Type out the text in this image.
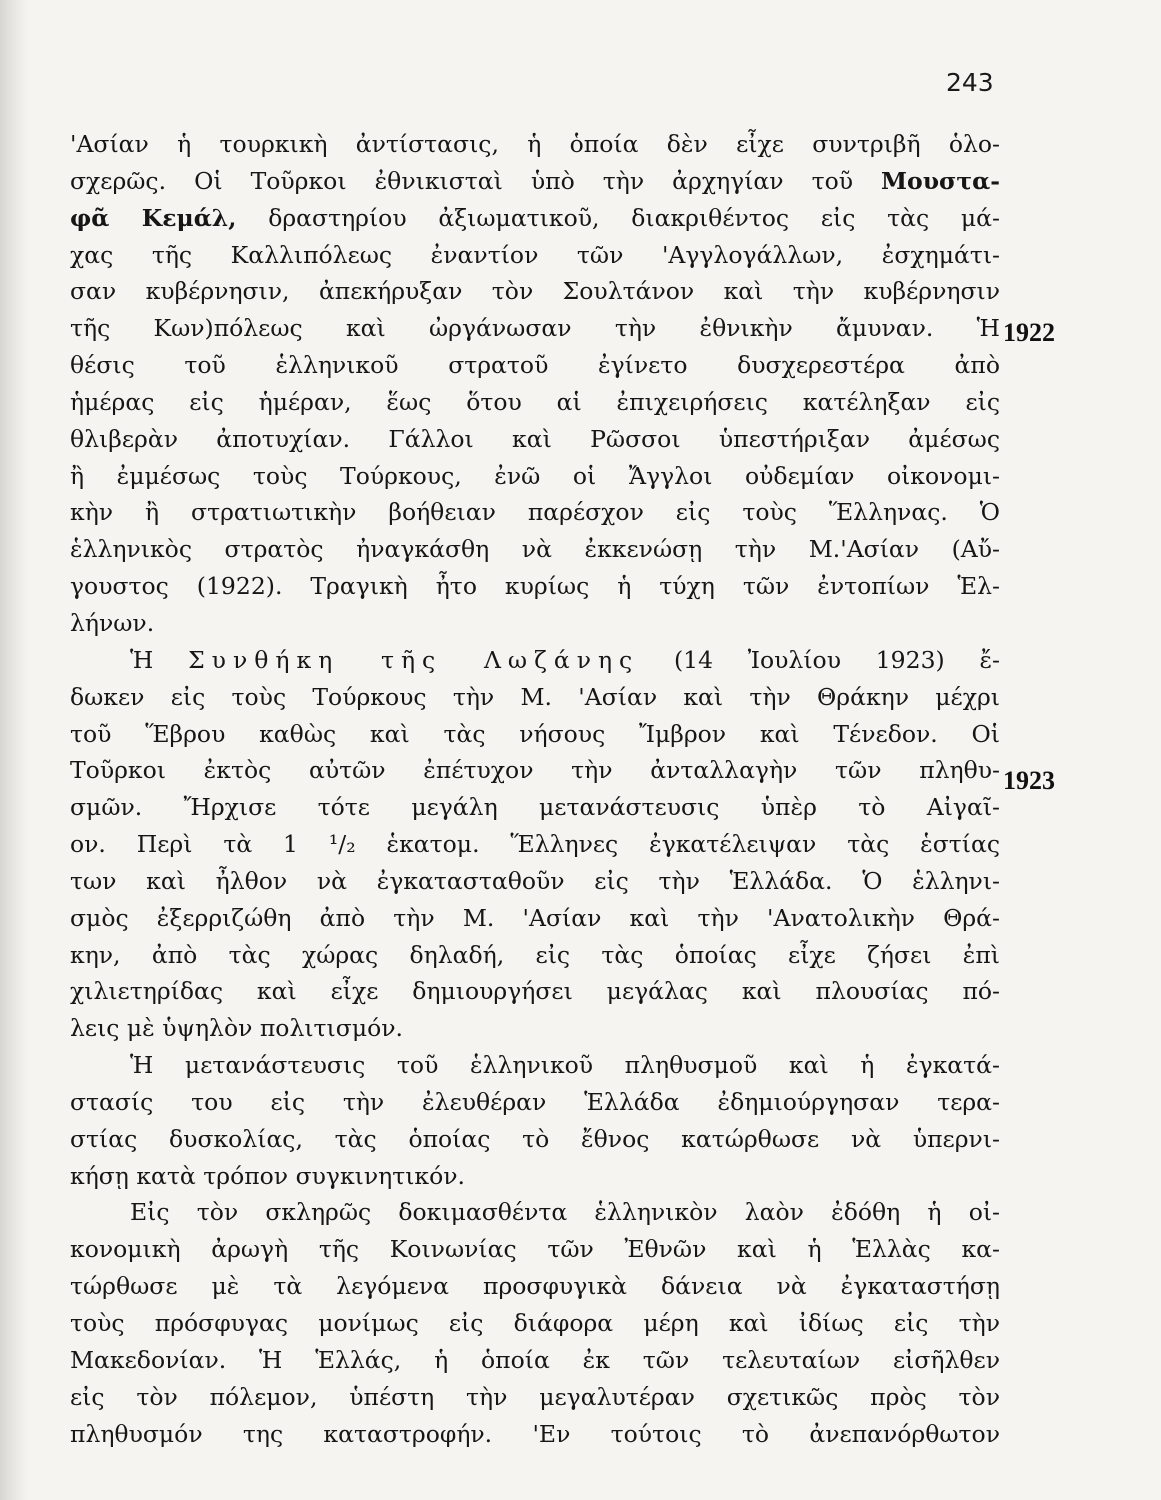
243
1922
1923
'Ασίαν ἡ τουρκικὴ ἀντίστασις, ἡ ὁποία δὲν εἶχε συντριβῆ ὁλο-
σχερῶς. Οἱ Τοῦρκοι ἐθνικισταὶ ὑπὸ τὴν ἀρχηγίαν τοῦ Μουστα-
φᾶ Κεμάλ, δραστηρίου ἀξιωματικοῦ, διακριθέντος εἰς τὰς μά-
χας τῆς Καλλιπόλεως ἐναντίον τῶν 'Αγγλογάλλων, ἐσχημάτι-
σαν κυβέρνησιν, ἀπεκήρυξαν τὸν Σουλτάνον καὶ τὴν κυβέρνησιν
τῆς Κων)πόλεως καὶ ὠργάνωσαν τὴν ἐθνικὴν ἄμυναν. Ἡ
θέσις τοῦ ἑλληνικοῦ στρατοῦ ἐγίνετο δυσχερεστέρα ἀπὸ
ἡμέρας εἰς ἡμέραν, ἕως ὅτου αἱ ἐπιχειρήσεις κατέληξαν εἰς
θλιβερὰν ἀποτυχίαν. Γάλλοι καὶ Ρῶσσοι ὑπεστήριξαν ἀμέσως
ἢ ἐμμέσως τοὺς Τούρκους, ἐνῶ οἱ Ἄγγλοι οὐδεμίαν οἰκονομι-
κὴν ἢ στρατιωτικὴν βοήθειαν παρέσχον εἰς τοὺς Ἕλληνας. Ὁ
ἑλληνικὸς στρατὸς ἠναγκάσθη νὰ ἐκκενώσῃ τὴν Μ.'Ασίαν (Αὔ-
γουστος (1922). Τραγικὴ ἦτο κυρίως ἡ τύχη τῶν ἐντοπίων Ἑλ-
λήνων.
Ἡ Συνθήκη τῆς Λωζάνης (14 Ἰουλίου 1923) ἔ-
δωκεν εἰς τοὺς Τούρκους τὴν Μ. 'Ασίαν καὶ τὴν Θράκην μέχρι
τοῦ Ἕβρου καθὼς καὶ τὰς νήσους Ἴμβρον καὶ Τένεδον. Οἱ
Τοῦρκοι ἐκτὸς αὐτῶν ἐπέτυχον τὴν ἀνταλλαγὴν τῶν πληθυ-
σμῶν. Ἤρχισε τότε μεγάλη μετανάστευσις ὑπὲρ τὸ Αἰγαῖ-
ον. Περὶ τὰ 1 ¹/₂ ἑκατομ. Ἕλληνες ἐγκατέλειψαν τὰς ἑστίας
των καὶ ἦλθον νὰ ἐγκατασταθοῦν εἰς τὴν Ἑλλάδα. Ὁ ἑλληνι-
σμὸς ἐξερριζώθη ἀπὸ τὴν Μ. 'Ασίαν καὶ τὴν 'Ανατολικὴν Θρά-
κην, ἀπὸ τὰς χώρας δηλαδή, εἰς τὰς ὁποίας εἶχε ζήσει ἐπὶ
χιλιετηρίδας καὶ εἶχε δημιουργήσει μεγάλας καὶ πλουσίας πό-
λεις μὲ ὑψηλὸν πολιτισμόν.
Ἡ μετανάστευσις τοῦ ἑλληνικοῦ πληθυσμοῦ καὶ ἡ ἐγκατά-
στασίς του εἰς τὴν ἐλευθέραν Ἑλλάδα ἐδημιούργησαν τερα-
στίας δυσκολίας, τὰς ὁποίας τὸ ἔθνος κατώρθωσε νὰ ὑπερνι-
κήσῃ κατὰ τρόπον συγκινητικόν.
Εἰς τὸν σκληρῶς δοκιμασθέντα ἑλληνικὸν λαὸν ἐδόθη ἡ οἰ-
κονομικὴ ἀρωγὴ τῆς Κοινωνίας τῶν Ἐθνῶν καὶ ἡ Ἑλλὰς κα-
τώρθωσε μὲ τὰ λεγόμενα προσφυγικὰ δάνεια νὰ ἐγκαταστήσῃ
τοὺς πρόσφυγας μονίμως εἰς διάφορα μέρη καὶ ἰδίως εἰς τὴν
Μακεδονίαν. Ἡ Ἑλλάς, ἡ ὁποία ἐκ τῶν τελευταίων εἰσῆλθεν
εἰς τὸν πόλεμον, ὑπέστη τὴν μεγαλυτέραν σχετικῶς πρὸς τὸν
πληθυσμόν της καταστροφήν. 'Εν τούτοις τὸ ἀνεπανόρθωτον
